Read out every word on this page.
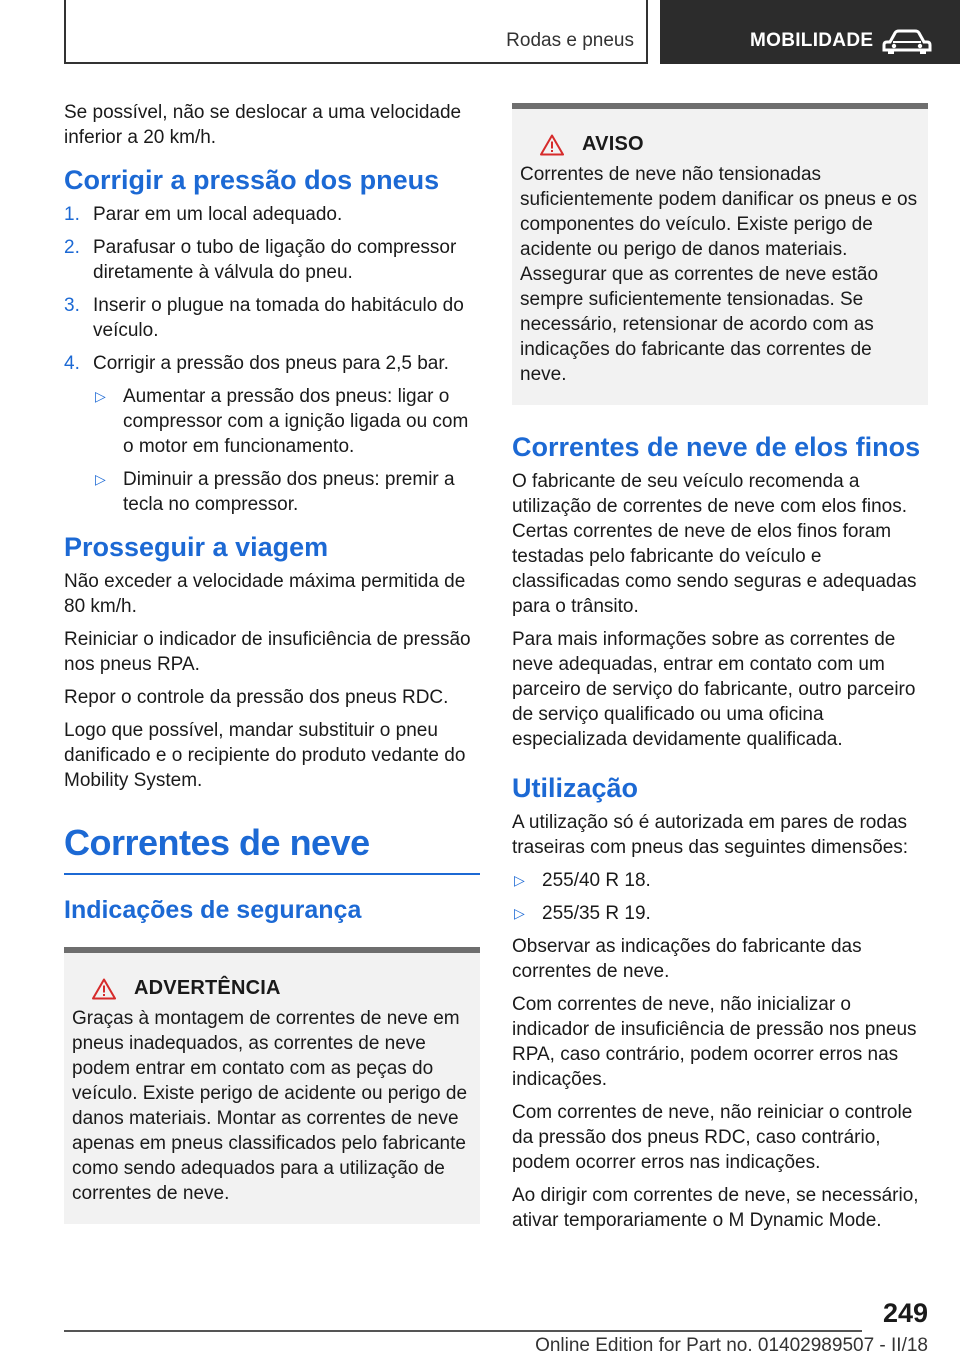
Rodas e pneus	MOBILIDADE

Se possível, não se deslocar a uma velocidade inferior a 20 km/h.

Corrigir a pressão dos pneus
1. Parar em um local adequado.
2. Parafusar o tubo de ligação do compressor diretamente à válvula do pneu.
3. Inserir o plugue na tomada do habitáculo do veículo.
4. Corrigir a pressão dos pneus para 2,5 bar.
▷ Aumentar a pressão dos pneus: ligar o compressor com a ignição ligada ou com o motor em funcionamento.
▷ Diminuir a pressão dos pneus: premir a tecla no compressor.
Prosseguir a viagem

Não exceder a velocidade máxima permitida de 80 km/h.

Reiniciar o indicador de insuficiência de pressão nos pneus RPA.

Repor o controle da pressão dos pneus RDC.

Logo que possível, mandar substituir o pneu danificado e o recipiente do produto vedante do Mobility System.

Correntes de neve
Indicações de segurança
ADVERTÊNCIA

Graças à montagem de correntes de neve em pneus inadequados, as correntes de neve podem entrar em contato com as peças do veículo. Existe perigo de acidente ou perigo de danos materiais. Montar as correntes de neve apenas em pneus classificados pelo fabricante como sendo adequados para a utilização de correntes de neve.

AVISO

Correntes de neve não tensionadas suficientemente podem danificar os pneus e os componentes do veículo. Existe perigo de acidente ou perigo de danos materiais. Assegurar que as correntes de neve estão sempre suficientemente tensionadas. Se necessário, retensionar de acordo com as indicações do fabricante das correntes de neve.

Correntes de neve de elos finos

O fabricante de seu veículo recomenda a utilização de correntes de neve com elos finos. Certas correntes de neve de elos finos foram testadas pelo fabricante do veículo e classificadas como sendo seguras e adequadas para o trânsito.

Para mais informações sobre as correntes de neve adequadas, entrar em contato com um parceiro de serviço do fabricante, outro parceiro de serviço qualificado ou uma oficina especializada devidamente qualificada.

Utilização

A utilização só é autorizada em pares de rodas traseiras com pneus das seguintes dimensões:

▷ 255/40 R 18.
▷ 255/35 R 19.

Observar as indicações do fabricante das correntes de neve.

Com correntes de neve, não inicializar o indicador de insuficiência de pressão nos pneus RPA, caso contrário, podem ocorrer erros nas indicações.

Com correntes de neve, não reiniciar o controle da pressão dos pneus RDC, caso contrário, podem ocorrer erros nas indicações.

Ao dirigir com correntes de neve, se necessário, ativar temporariamente o M Dynamic Mode.

249
Online Edition for Part no. 01402989507 - II/18
